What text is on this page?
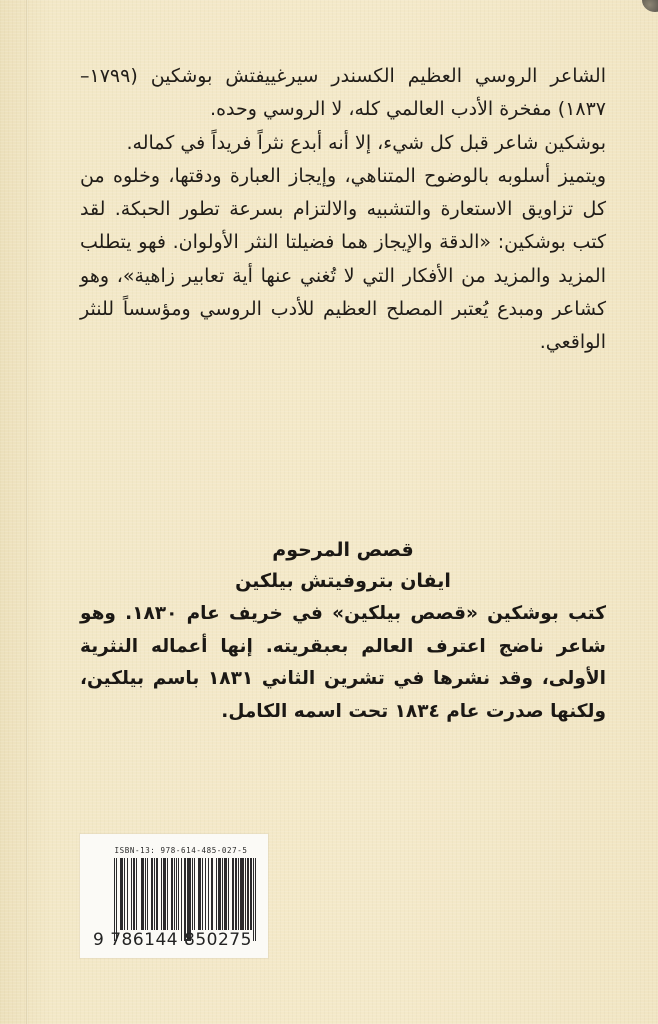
الشاعر الروسي العظيم الكسندر سيرغييفتش بوشكين (١٧٩٩–١٨٣٧) مفخرة الأدب العالمي كله، لا الروسي وحده.

بوشكين شاعر قبل كل شيء، إلا أنه أبدع نثراً فريداً في كماله.

ويتميز أسلوبه بالوضوح المتناهي، وإيجاز العبارة ودقتها، وخلوه من كل تزاويق الاستعارة والتشبيه والالتزام بسرعة تطور الحبكة. لقد كتب بوشكين: «الدقة والإيجاز هما فضيلتا النثر الأولوان. فهو يتطلب المزيد والمزيد من الأفكار التي لا تُغني عنها أية تعابير زاهية»، وهو كشاعر ومبدع يُعتبر المصلح العظيم للأدب الروسي ومؤسساً للنثر الواقعي.

قصص المرحوم

ايفان بتروفيتش بيلكين

كتب بوشكين «قصص بيلكين» في خريف عام ١٨٣٠. وهو شاعر ناضج اعترف العالم بعبقريته. إنها أعماله النثرية الأولى، وقد نشرها في تشرين الثاني ١٨٣١ باسم بيلكين، ولكنها صدرت عام ١٨٣٤ تحت اسمه الكامل.

ISBN-13: 978-614-485-027-5
9 786144 850275
